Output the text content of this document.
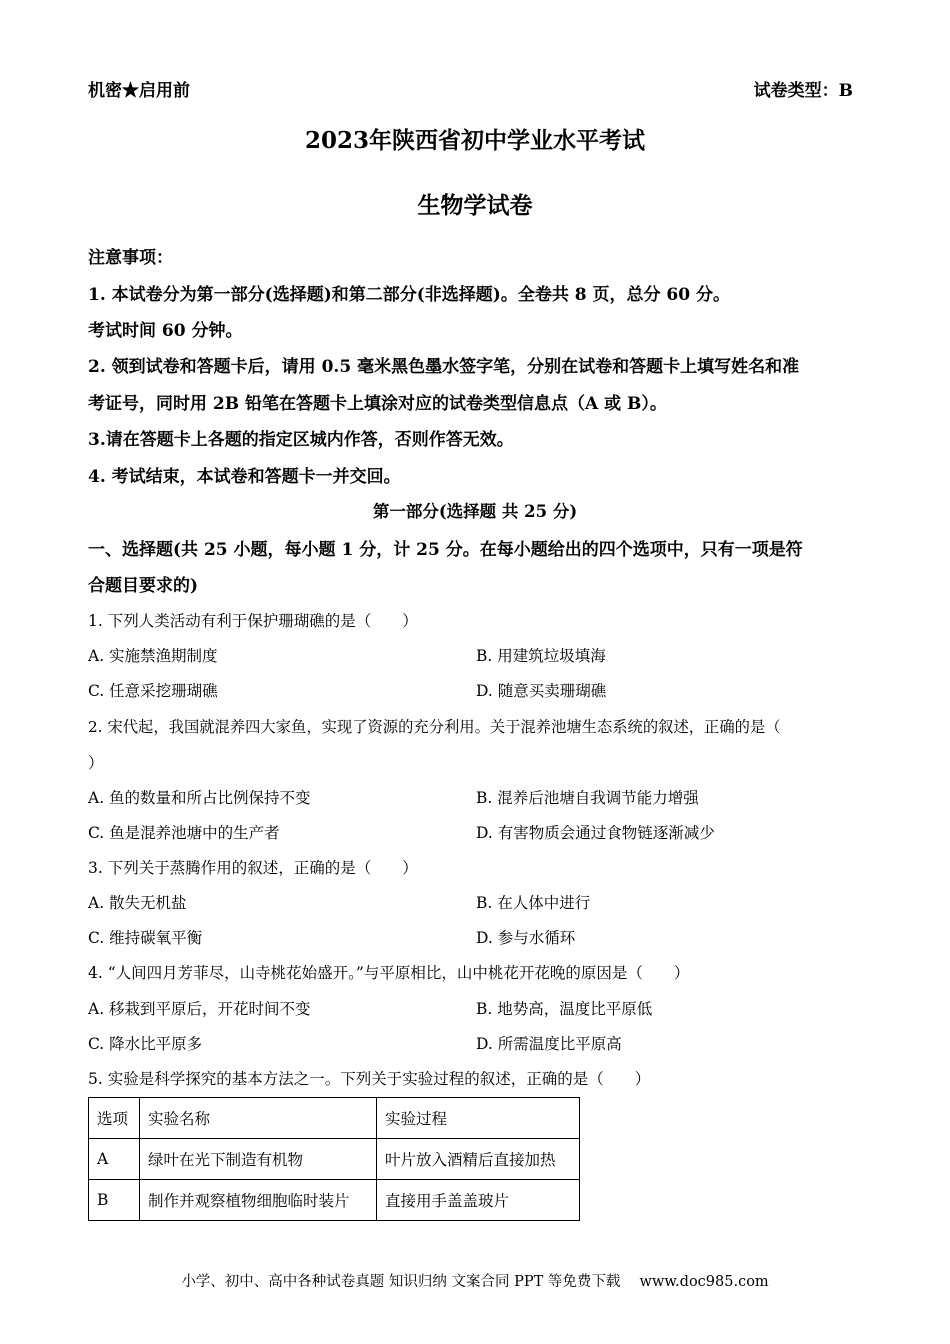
机密★启用前	试卷类型：B
2023年陕西省初中学业水平考试
生物学试卷
注意事项：
1. 本试卷分为第一部分(选择题)和第二部分(非选择题)。全卷共 8 页，总分 60 分。
考试时间 60 分钟。
2. 领到试卷和答题卡后，请用 0.5 毫米黑色墨水签字笔，分别在试卷和答题卡上填写姓名和准
考证号，同时用 2B 铅笔在答题卡上填涂对应的试卷类型信息点（A 或 B）。
3.请在答题卡上各题的指定区城内作答，否则作答无效。
4. 考试结束，本试卷和答题卡一并交回。
第一部分(选择题 共 25 分)
一、选择题(共 25 小题，每小题 1 分，计 25 分。在每小题给出的四个选项中，只有一项是符
合题目要求的)
1. 下列人类活动有利于保护珊瑚礁的是（　　）
A. 实施禁渔期制度	B. 用建筑垃圾填海
C. 任意采挖珊瑚礁	D. 随意买卖珊瑚礁
2. 宋代起，我国就混养四大家鱼，实现了资源的充分利用。关于混养池塘生态系统的叙述，正确的是（
）
A. 鱼的数量和所占比例保持不变	B. 混养后池塘自我调节能力增强
C. 鱼是混养池塘中的生产者	D. 有害物质会通过食物链逐渐减少
3. 下列关于蒸腾作用的叙述，正确的是（　　）
A. 散失无机盐	B. 在人体中进行
C. 维持碳氧平衡	D. 参与水循环
4. “人间四月芳菲尽，山寺桃花始盛开。”与平原相比，山中桃花开花晚的原因是（　　）
A. 移栽到平原后，开花时间不变	B. 地势高，温度比平原低
C. 降水比平原多	D. 所需温度比平原高
5. 实验是科学探究的基本方法之一。下列关于实验过程的叙述，正确的是（　　）
选项	实验名称	实验过程
A	绿叶在光下制造有机物	叶片放入酒精后直接加热
B	制作并观察植物细胞临时装片	直接用手盖盖玻片
小学、初中、高中各种试卷真题 知识归纳 文案合同 PPT 等免费下载　 www.doc985.com
